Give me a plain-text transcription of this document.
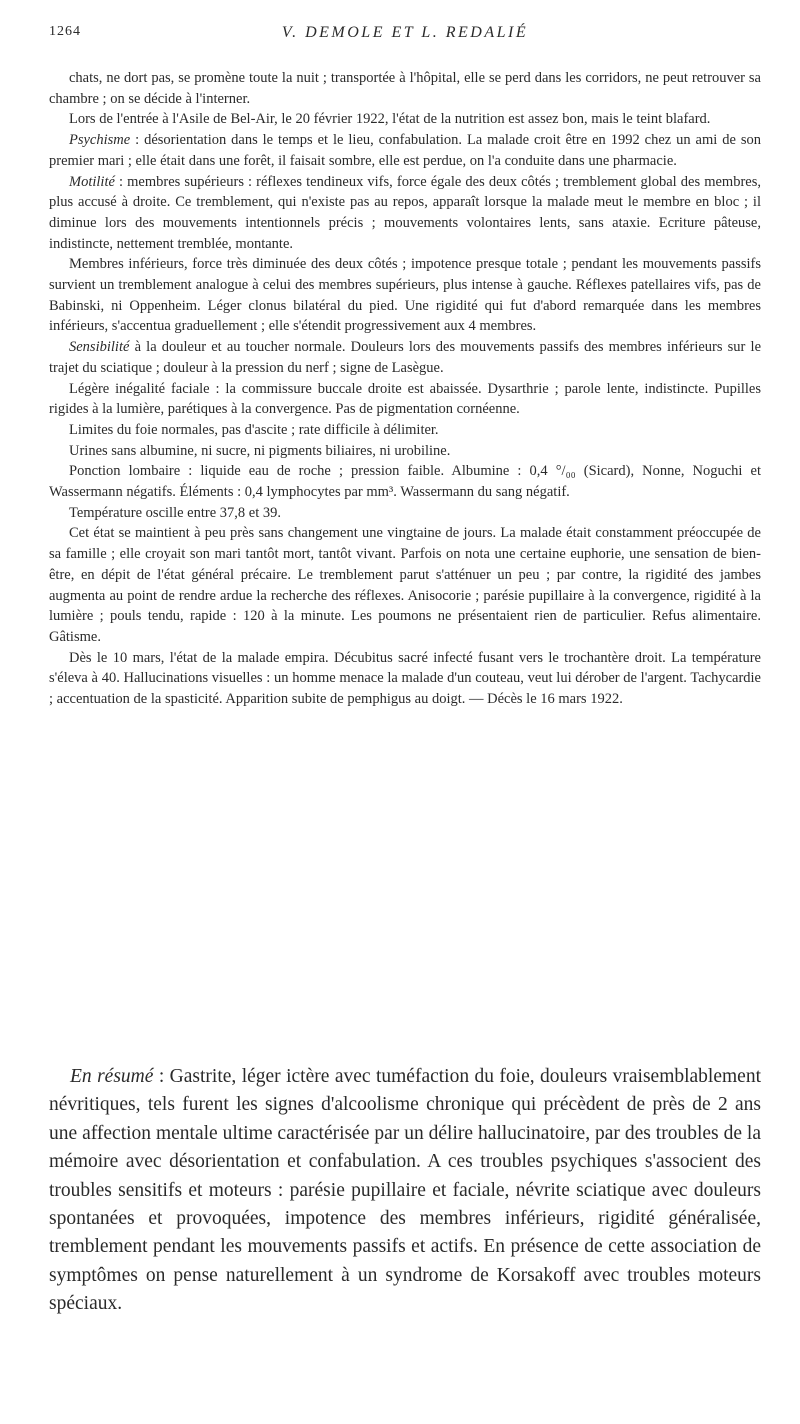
1264	V. DEMOLE ET L. REDALIÉ

chats, ne dort pas, se promène toute la nuit ; transportée à l'hôpital, elle se perd dans les corridors, ne peut retrouver sa chambre ; on se décide à l'interner.

Lors de l'entrée à l'Asile de Bel-Air, le 20 février 1922, l'état de la nutrition est assez bon, mais le teint blafard.

Psychisme : désorientation dans le temps et le lieu, confabulation. La malade croit être en 1992 chez un ami de son premier mari ; elle était dans une forêt, il faisait sombre, elle est perdue, on l'a conduite dans une pharmacie.

Motilité : membres supérieurs : réflexes tendineux vifs, force égale des deux côtés ; tremblement global des membres, plus accusé à droite. Ce tremblement, qui n'existe pas au repos, apparaît lorsque la malade meut le membre en bloc ; il diminue lors des mouvements intentionnels précis ; mouvements volontaires lents, sans ataxie. Ecriture pâteuse, indistincte, nettement tremblée, montante.

Membres inférieurs, force très diminuée des deux côtés ; impotence presque totale ; pendant les mouvements passifs survient un tremblement analogue à celui des membres supérieurs, plus intense à gauche. Réflexes patellaires vifs, pas de Babinski, ni Oppenheim. Léger clonus bilatéral du pied. Une rigidité qui fut d'abord remarquée dans les membres inférieurs, s'accentua graduellement ; elle s'étendit progressivement aux 4 membres.

Sensibilité à la douleur et au toucher normale. Douleurs lors des mouvements passifs des membres inférieurs sur le trajet du sciatique ; douleur à la pression du nerf ; signe de Lasègue.

Légère inégalité faciale : la commissure buccale droite est abaissée. Dysarthrie ; parole lente, indistincte. Pupilles rigides à la lumière, parétiques à la convergence. Pas de pigmentation cornéenne.

Limites du foie normales, pas d'ascite ; rate difficile à délimiter.

Urines sans albumine, ni sucre, ni pigments biliaires, ni urobiline.

Ponction lombaire : liquide eau de roche ; pression faible. Albumine : 0,4 °/₀₀ (Sicard), Nonne, Noguchi et Wassermann négatifs. Éléments : 0,4 lymphocytes par mm³. Wassermann du sang négatif.

Température oscille entre 37,8 et 39.

Cet état se maintient à peu près sans changement une vingtaine de jours. La malade était constamment préoccupée de sa famille ; elle croyait son mari tantôt mort, tantôt vivant. Parfois on nota une certaine euphorie, une sensation de bien-être, en dépit de l'état général précaire. Le tremblement parut s'atténuer un peu ; par contre, la rigidité des jambes augmenta au point de rendre ardue la recherche des réflexes. Anisocorie ; parésie pupillaire à la convergence, rigidité à la lumière ; pouls tendu, rapide : 120 à la minute. Les poumons ne présentaient rien de particulier. Refus alimentaire. Gâtisme.

Dès le 10 mars, l'état de la malade empira. Décubitus sacré infecté fusant vers le trochantère droit. La température s'éleva à 40. Hallucinations visuelles : un homme menace la malade d'un couteau, veut lui dérober de l'argent. Tachycardie ; accentuation de la spasticité. Apparition subite de pemphigus au doigt. — Décès le 16 mars 1922.

En résumé : Gastrite, léger ictère avec tuméfaction du foie, douleurs vraisemblablement névritiques, tels furent les signes d'alcoolisme chronique qui précèdent de près de 2 ans une affection mentale ultime caractérisée par un délire hallucinatoire, par des troubles de la mémoire avec désorientation et confabulation. A ces troubles psychiques s'associent des troubles sensitifs et moteurs : parésie pupillaire et faciale, névrite sciatique avec douleurs spontanées et provoquées, impotence des membres inférieurs, rigidité généralisée, tremblement pendant les mouvements passifs et actifs. En présence de cette association de symptômes on pense naturellement à un syndrome de Korsakoff avec troubles moteurs spéciaux.
